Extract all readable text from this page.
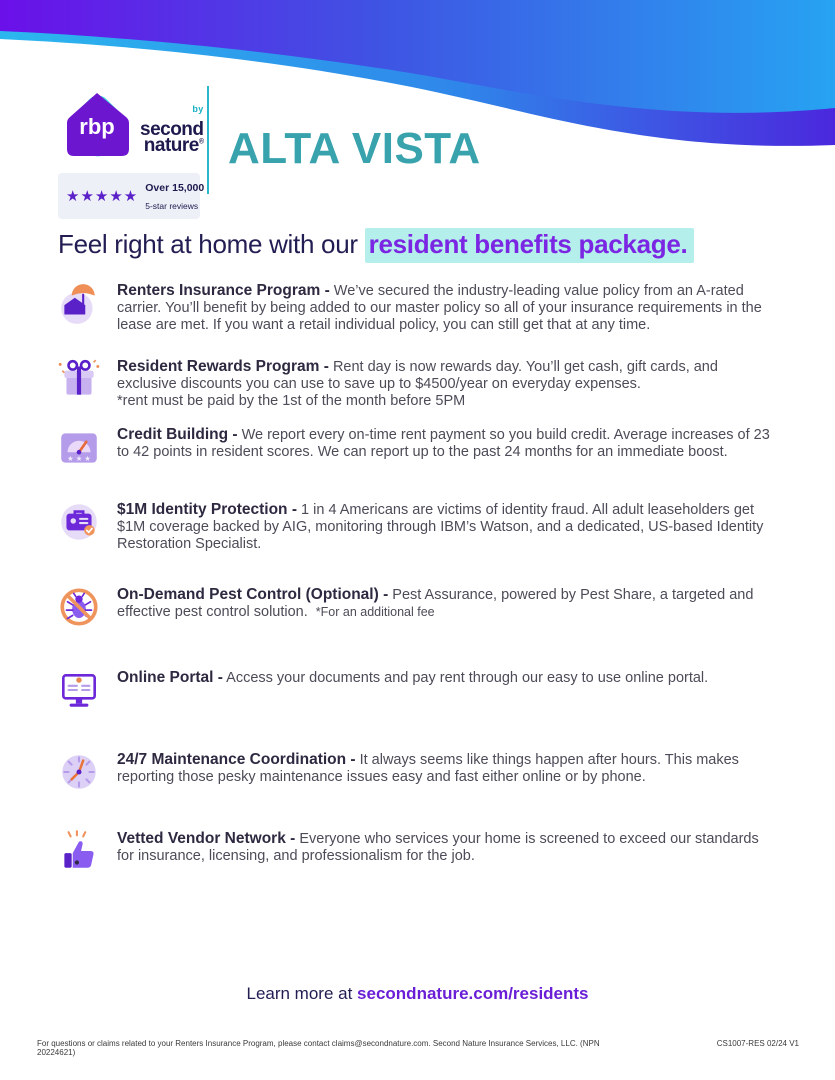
rbp
$^{by}$
second
nature®
★★★★★ Over 15,000 5-star reviews
ALTA VISTA
Feel right at home with our resident benefits package.

Renters Insurance Program - We’ve secured the industry-leading value policy from an A-rated carrier. You’ll benefit by being added to our master policy so all of your insurance requirements in the lease are met. If you want a retail individual policy, you can still get that at any time.

Resident Rewards Program - Rent day is now rewards day. You’ll get cash, gift cards, and exclusive discounts you can use to save up to $4500/year on everyday expenses.
*rent must be paid by the 1st of the month before 5PM

★ ★ ★

Credit Building - We report every on-time rent payment so you build credit. Average increases of 23 to 42 points in resident scores. We can report up to the past 24 months for an immediate boost.

$1M Identity Protection - 1 in 4 Americans are victims of identity fraud. All adult leaseholders get $1M coverage backed by AIG, monitoring through IBM’s Watson, and a dedicated, US-based Identity Restoration Specialist.

On-Demand Pest Control (Optional) - Pest Assurance, powered by Pest Share, a targeted and effective pest control solution. *For an additional fee

Online Portal - Access your documents and pay rent through our easy to use online portal.

24/7 Maintenance Coordination - It always seems like things happen after hours. This makes reporting those pesky maintenance issues easy and fast either online or by phone.

Vetted Vendor Network - Everyone who services your home is screened to exceed our standards for insurance, licensing, and professionalism for the job.

Learn more at secondnature.com/residents
For questions or claims related to your Renters Insurance Program, please contact claims@secondnature.com. Second Nature Insurance Services, LLC. (NPN 20224621)
CS1007-RES 02/24 V1
